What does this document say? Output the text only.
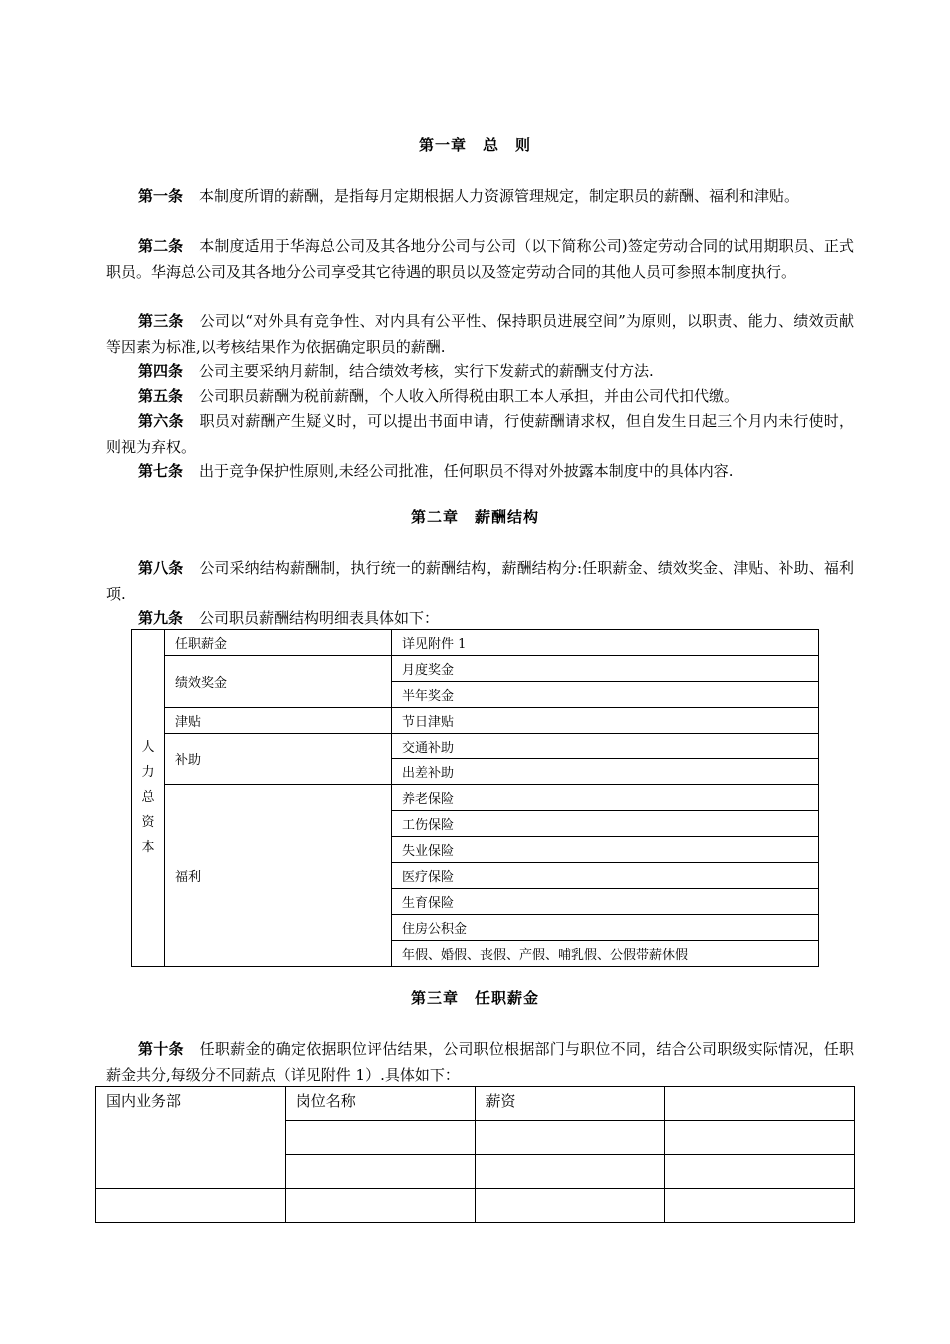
第一章　总　则
第一条 本制度所谓的薪酬，是指每月定期根据人力资源管理规定，制定职员的薪酬、福利和津贴。
第二条 本制度适用于华海总公司及其各地分公司与公司（以下简称公司)签定劳动合同的试用期职员、正式职员。华海总公司及其各地分公司享受其它待遇的职员以及签定劳动合同的其他人员可参照本制度执行。
第三条 公司以“对外具有竞争性、对内具有公平性、保持职员进展空间”为原则，以职责、能力、绩效贡献等因素为标准,以考核结果作为依据确定职员的薪酬.
第四条 公司主要采纳月薪制，结合绩效考核，实行下发薪式的薪酬支付方法.
第五条 公司职员薪酬为税前薪酬，个人收入所得税由职工本人承担，并由公司代扣代缴。
第六条 职员对薪酬产生疑义时，可以提出书面申请，行使薪酬请求权，但自发生日起三个月内未行使时，则视为弃权。
第七条 出于竞争保护性原则,未经公司批准，任何职员不得对外披露本制度中的具体内容.
第二章　薪酬结构
第八条 公司采纳结构薪酬制，执行统一的薪酬结构，薪酬结构分:任职薪金、绩效奖金、津贴、补助、福利项.
第九条 公司职员薪酬结构明细表具体如下：
人
力
总
资
本	任职薪金	详见附件 1
	绩效奖金	月度奖金
		半年奖金
	津贴	节日津贴
	补助	交通补助
		出差补助
	福利	养老保险
		工伤保险
		失业保险
		医疗保险
		生育保险
		住房公积金
		年假、婚假、丧假、产假、哺乳假、公假带薪休假
第三章　任职薪金
第十条 任职薪金的确定依据职位评估结果，公司职位根据部门与职位不同，结合公司职级实际情况，任职薪金共分,每级分不同薪点（详见附件 1）.具体如下：
国内业务部	岗位名称	薪资	
